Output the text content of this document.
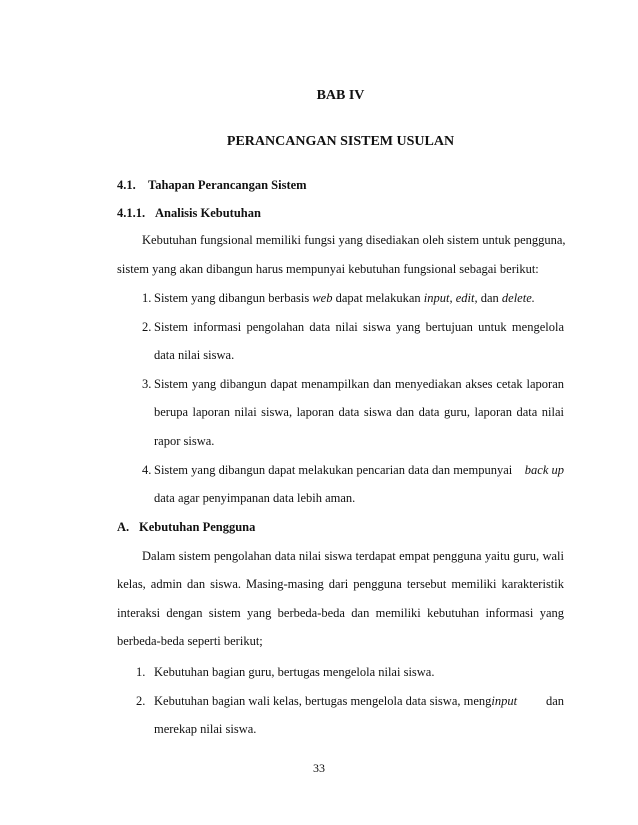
BAB IV
PERANCANGAN SISTEM USULAN
4.1. Tahapan Perancangan Sistem
4.1.1. Analisis Kebutuhan
Kebutuhan fungsional memiliki fungsi yang disediakan oleh sistem untuk pengguna,
sistem yang akan dibangun harus mempunyai kebutuhan fungsional sebagai berikut:
1. Sistem yang dibangun berbasis web dapat melakukan input, edit, dan delete.
2. Sistem informasi pengolahan data nilai siswa yang bertujuan untuk mengelola
data nilai siswa.
3. Sistem yang dibangun dapat menampilkan dan menyediakan akses cetak laporan
berupa laporan nilai siswa, laporan data siswa dan data guru, laporan data nilai
rapor siswa.
4. Sistem yang dibangun dapat melakukan pencarian data dan mempunyai back up
data agar penyimpanan data lebih aman.
A. Kebutuhan Pengguna
Dalam sistem pengolahan data nilai siswa terdapat empat pengguna yaitu guru, wali
kelas, admin dan siswa. Masing-masing dari pengguna tersebut memiliki karakteristik
interaksi dengan sistem yang berbeda-beda dan memiliki kebutuhan informasi yang
berbeda-beda seperti berikut;
1. Kebutuhan bagian guru, bertugas mengelola nilai siswa.
2. Kebutuhan bagian wali kelas, bertugas mengelola data siswa, menginput dan
merekap nilai siswa.
33
